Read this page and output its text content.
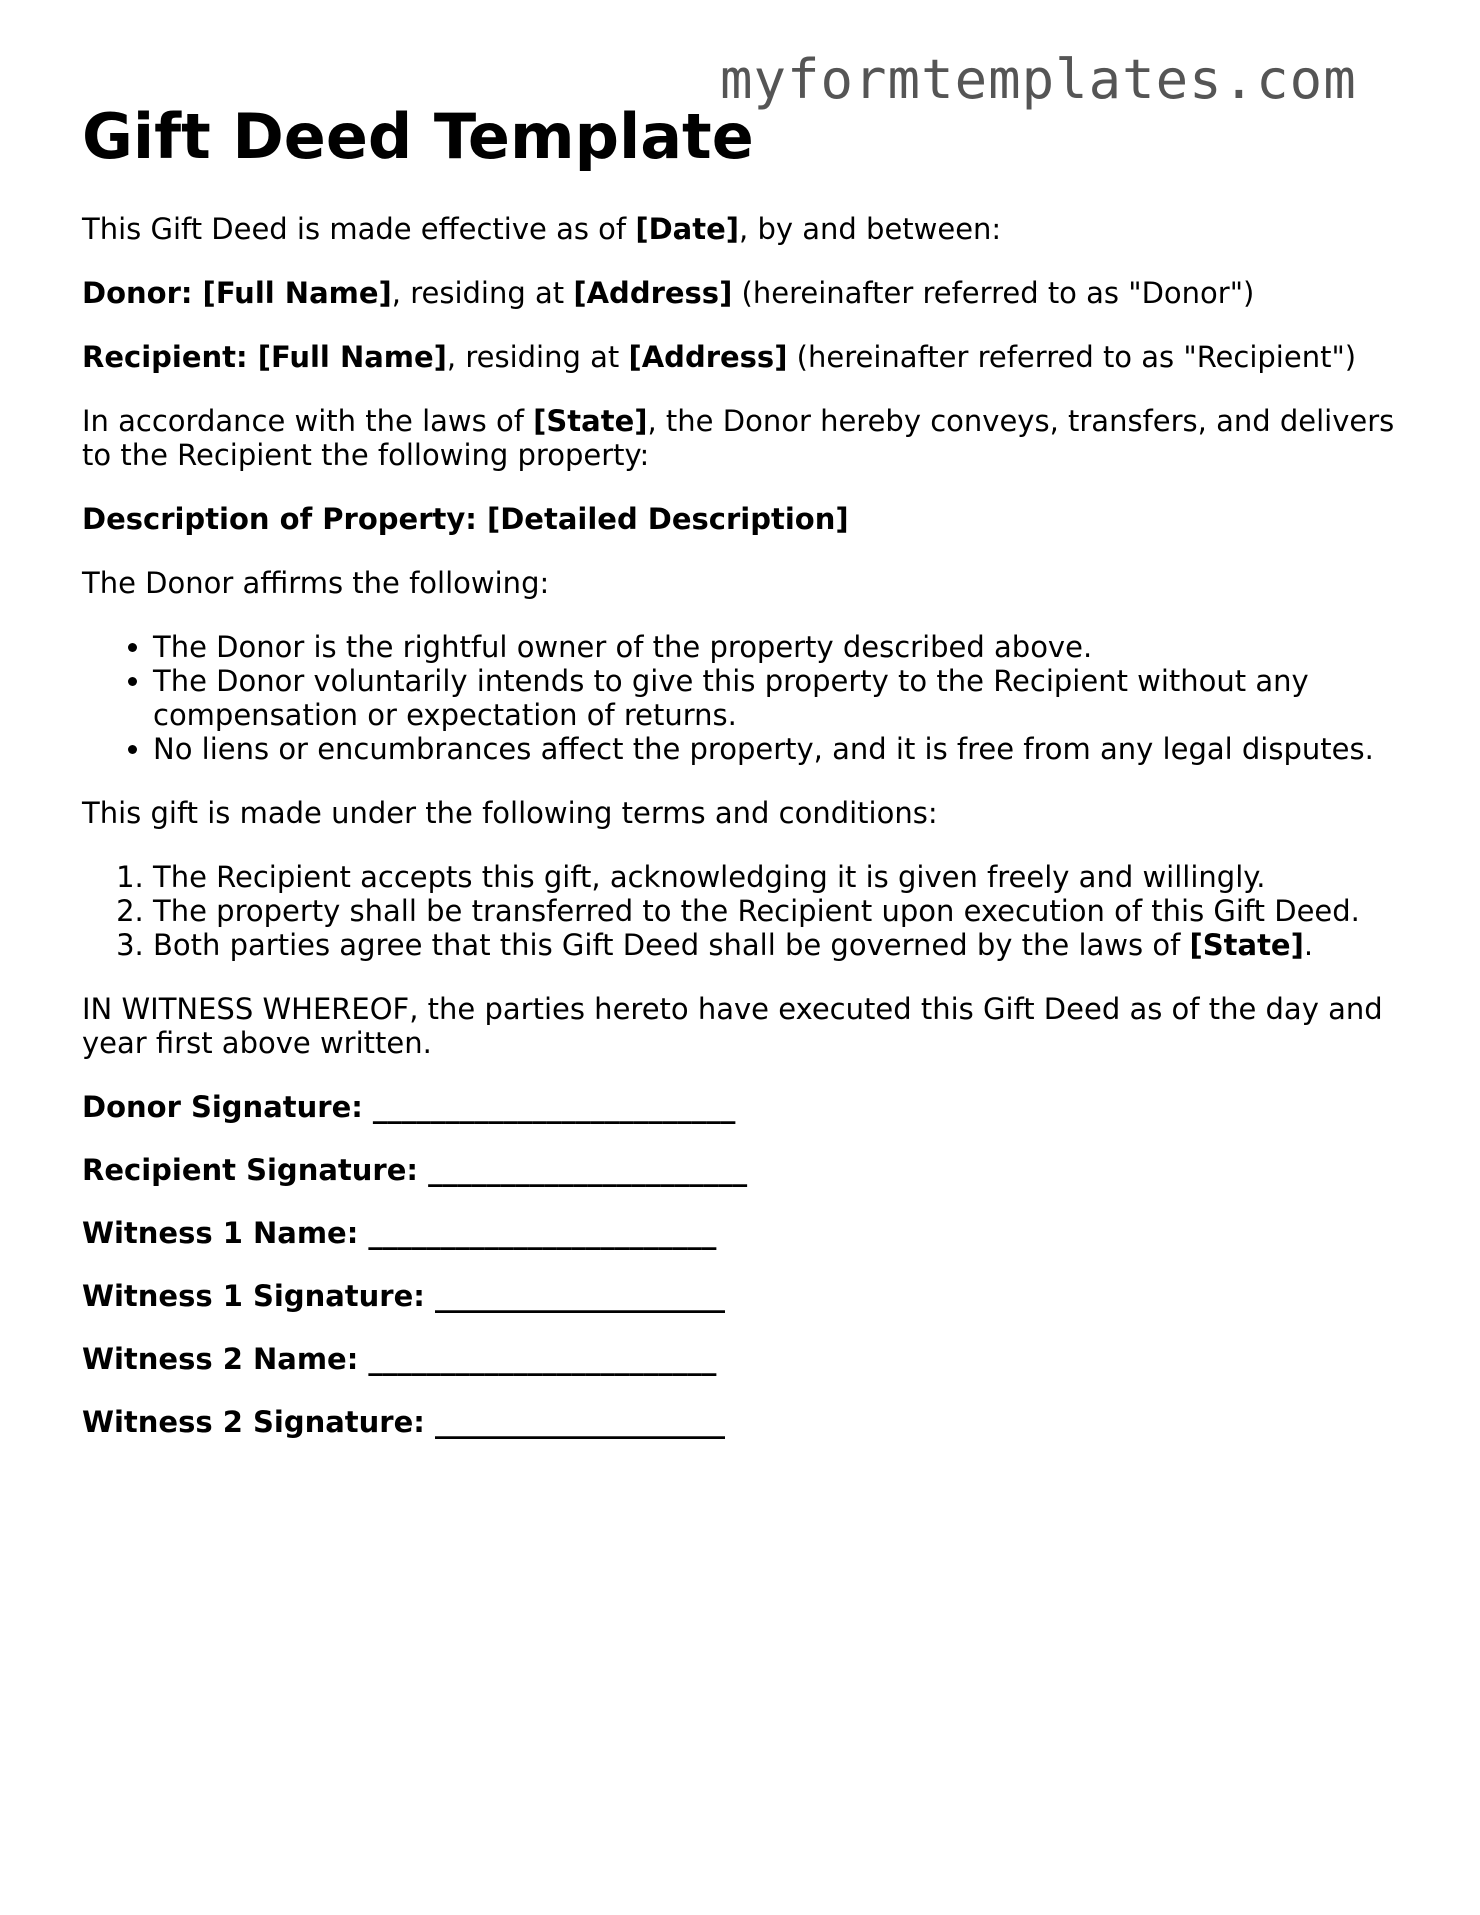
myformtemplates.com
Gift Deed Template

This Gift Deed is made effective as of [Date], by and between:

Donor: [Full Name], residing at [Address] (hereinafter referred to as "Donor")

Recipient: [Full Name], residing at [Address] (hereinafter referred to as "Recipient")

In accordance with the laws of [State], the Donor hereby conveys, transfers, and delivers to the Recipient the following property:

Description of Property: [Detailed Description]

The Donor affirms the following:

• The Donor is the rightful owner of the property described above.
• The Donor voluntarily intends to give this property to the Recipient without any compensation or expectation of returns.
• No liens or encumbrances affect the property, and it is free from any legal disputes.

This gift is made under the following terms and conditions:

1. The Recipient accepts this gift, acknowledging it is given freely and willingly.
2. The property shall be transferred to the Recipient upon execution of this Gift Deed.
3. Both parties agree that this Gift Deed shall be governed by the laws of [State].

IN WITNESS WHEREOF, the parties hereto have executed this Gift Deed as of the day and year first above written.

Donor Signature: _________________________
Recipient Signature: ______________________
Witness 1 Name: ________________________
Witness 1 Signature: ____________________
Witness 2 Name: ________________________
Witness 2 Signature: ____________________
